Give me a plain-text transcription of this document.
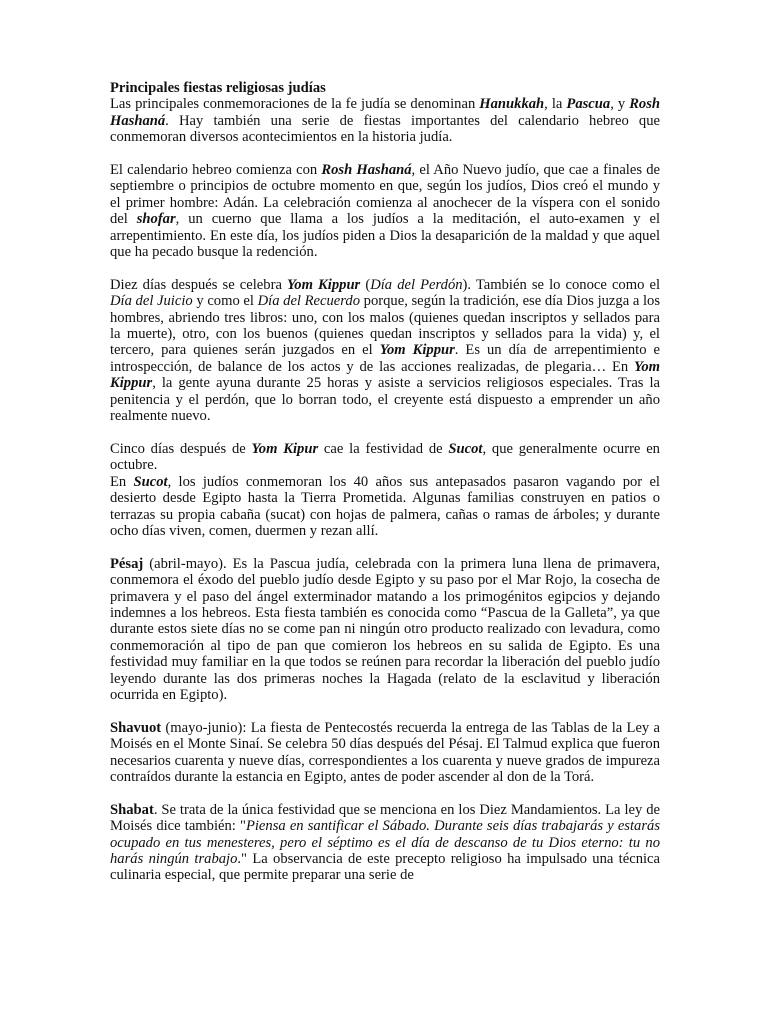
Principales fiestas religiosas judías
Las principales conmemoraciones de la fe judía se denominan Hanukkah, la Pascua, y Rosh Hashaná. Hay también una serie de fiestas importantes del calendario hebreo que conmemoran diversos acontecimientos en la historia judía.
El calendario hebreo comienza con Rosh Hashaná, el Año Nuevo judío, que cae a finales de septiembre o principios de octubre momento en que, según los judíos, Dios creó el mundo y el primer hombre: Adán. La celebración comienza al anochecer de la víspera con el sonido del shofar, un cuerno que llama a los judíos a la meditación, el auto-examen y el arrepentimiento. En este día, los judíos piden a Dios la desaparición de la maldad y que aquel que ha pecado busque la redención.
Diez días después se celebra Yom Kippur (Día del Perdón). También se lo conoce como el Día del Juicio y como el Día del Recuerdo porque, según la tradición, ese día Dios juzga a los hombres, abriendo tres libros: uno, con los malos (quienes quedan inscriptos y sellados para la muerte), otro, con los buenos (quienes quedan inscriptos y sellados para la vida) y, el tercero, para quienes serán juzgados en el Yom Kippur. Es un día de arrepentimiento e introspección, de balance de los actos y de las acciones realizadas, de plegaria… En Yom Kippur, la gente ayuna durante 25 horas y asiste a servicios religiosos especiales. Tras la penitencia y el perdón, que lo borran todo, el creyente está dispuesto a emprender un año realmente nuevo.
Cinco días después de Yom Kipur cae la festividad de Sucot, que generalmente ocurre en octubre.
En Sucot, los judíos conmemoran los 40 años sus antepasados pasaron vagando por el desierto desde Egipto hasta la Tierra Prometida. Algunas familias construyen en patios o terrazas su propia cabaña (sucat) con hojas de palmera, cañas o ramas de árboles; y durante ocho días viven, comen, duermen y rezan allí.
Pésaj (abril-mayo). Es la Pascua judía, celebrada con la primera luna llena de primavera, conmemora el éxodo del pueblo judío desde Egipto y su paso por el Mar Rojo, la cosecha de primavera y el paso del ángel exterminador matando a los primogénitos egipcios y dejando indemnes a los hebreos. Esta fiesta también es conocida como “Pascua de la Galleta”, ya que durante estos siete días no se come pan ni ningún otro producto realizado con levadura, como conmemoración al tipo de pan que comieron los hebreos en su salida de Egipto. Es una festividad muy familiar en la que todos se reúnen para recordar la liberación del pueblo judío leyendo durante las dos primeras noches la Hagada (relato de la esclavitud y liberación ocurrida en Egipto).
Shavuot (mayo-junio): La fiesta de Pentecostés recuerda la entrega de las Tablas de la Ley a Moisés en el Monte Sinaí. Se celebra 50 días después del Pésaj. El Talmud explica que fueron necesarios cuarenta y nueve días, correspondientes a los cuarenta y nueve grados de impureza contraídos durante la estancia en Egipto, antes de poder ascender al don de la Torá.
Shabat. Se trata de la única festividad que se menciona en los Diez Mandamientos. La ley de Moisés dice también: "Piensa en santificar el Sábado. Durante seis días trabajarás y estarás ocupado en tus menesteres, pero el séptimo es el día de descanso de tu Dios eterno: tu no harás ningún trabajo." La observancia de este precepto religioso ha impulsado una técnica culinaria especial, que permite preparar una serie de
